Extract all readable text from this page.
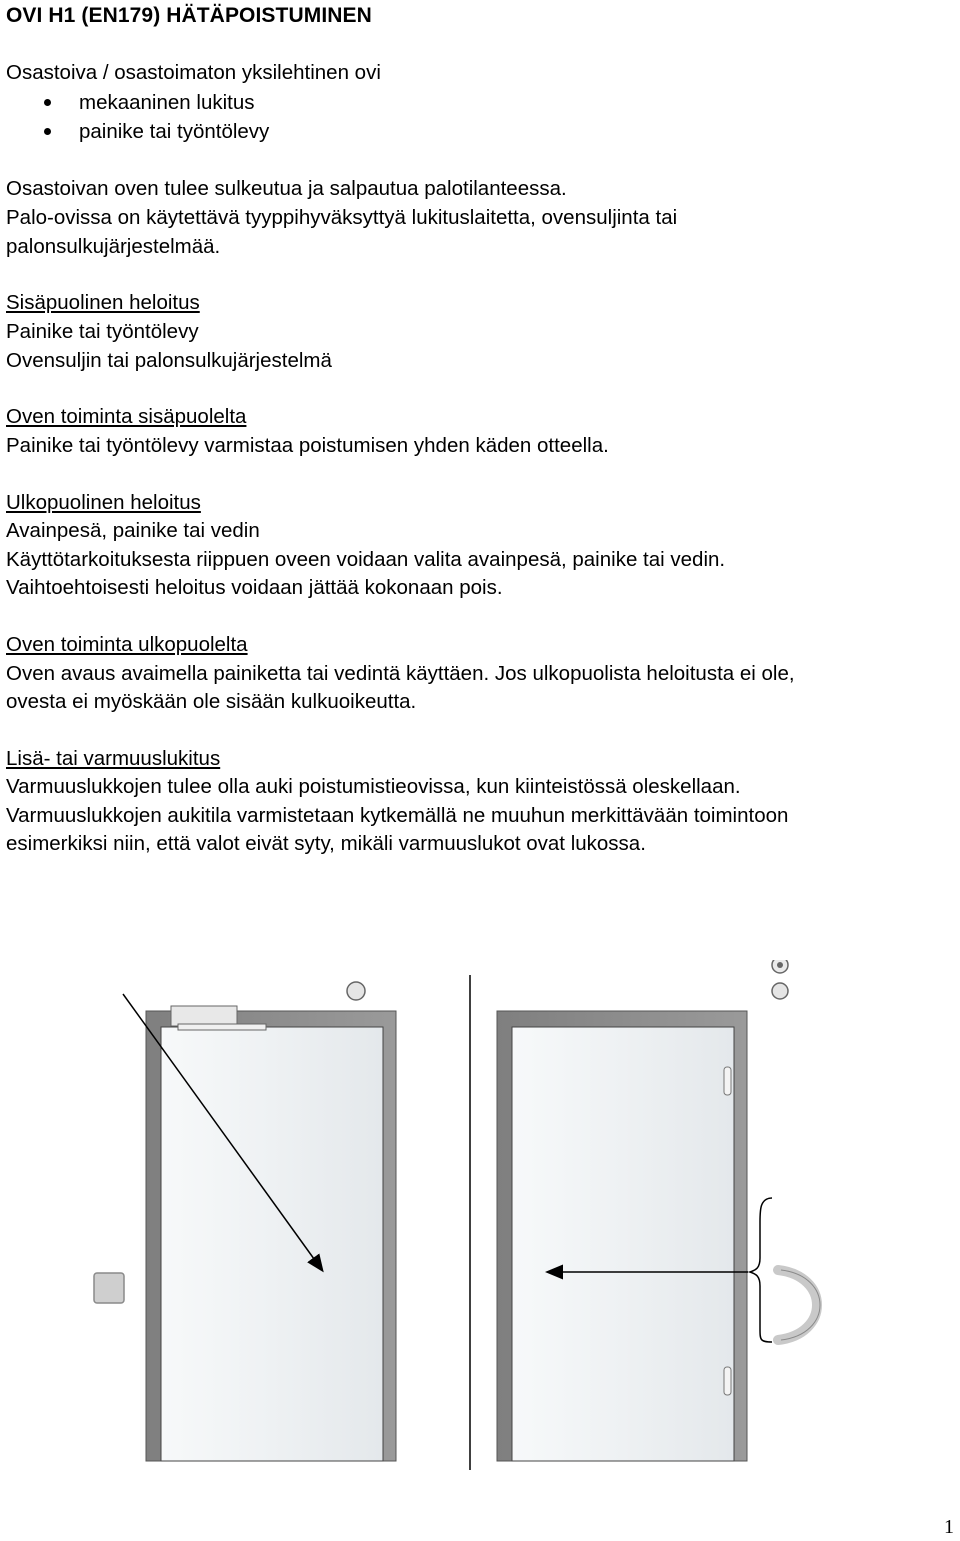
OVI H1 (EN179) HÄTÄPOISTUMINEN
Osastoiva / osastoimaton yksilehtinen ovi
mekaaninen lukitus
painike tai työntölevy
Osastoivan oven tulee sulkeutua ja salpautua palotilanteessa.
Palo-ovissa on käytettävä tyyppihyväksyttyä lukituslaitetta, ovensuljinta tai
palonsulkujärjestelmää.
Sisäpuolinen heloitus
Painike tai työntölevy
Ovensuljin tai palonsulkujärjestelmä
Oven toiminta sisäpuolelta
Painike tai työntölevy varmistaa poistumisen yhden käden otteella.
Ulkopuolinen heloitus
Avainpesä, painike tai vedin
Käyttötarkoituksesta riippuen oveen voidaan valita avainpesä, painike tai vedin.
Vaihtoehtoisesti heloitus voidaan jättää kokonaan pois.
Oven toiminta ulkopuolelta
Oven avaus avaimella painiketta tai vedintä käyttäen. Jos ulkopuolista heloitusta ei ole,
ovesta ei myöskään ole sisään kulkuoikeutta.
Lisä- tai varmuuslukitus
Varmuuslukkojen tulee olla auki poistumistieovissa, kun kiinteistössä oleskellaan.
Varmuuslukkojen aukitila varmistetaan kytkemällä ne muuhun merkittävään toimintoon
esimerkiksi niin, että valot eivät syty, mikäli varmuuslukot ovat lukossa.
1
